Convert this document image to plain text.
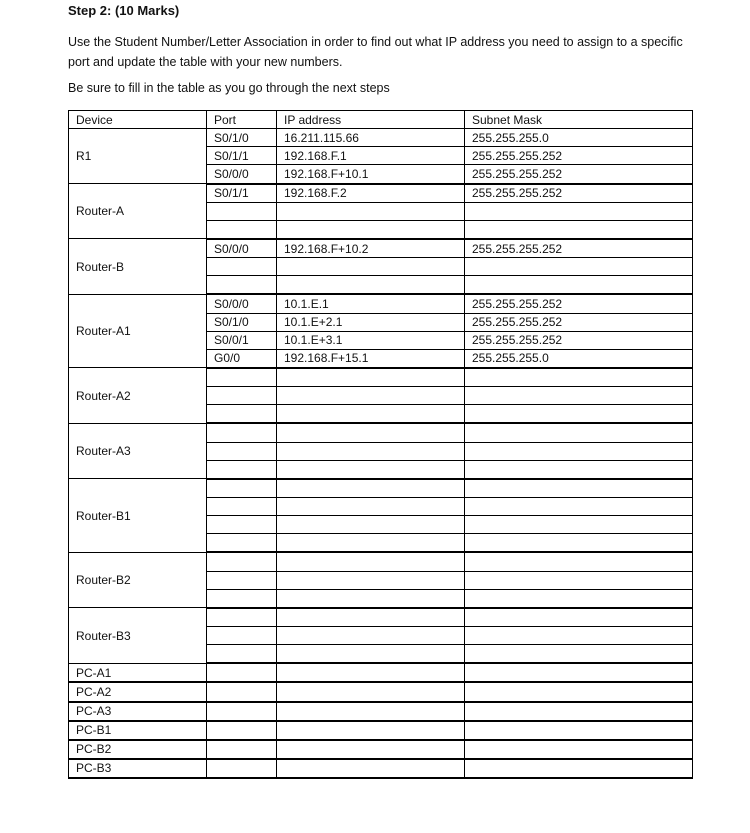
Step 2: (10 Marks)

Use the Student Number/Letter Association in order to find out what IP address you need to assign to a specific port and update the table with your new numbers.

Be sure to fill in the table as you go through the next steps

Device	Port	IP address	Subnet Mask
R1	S0/1/0	16.211.115.66	255.255.255.0
	S0/1/1	192.168.F.1	255.255.255.252
	S0/0/0	192.168.F+10.1	255.255.255.252
Router-A	S0/1/1	192.168.F.2	255.255.255.252

Router-B	S0/0/0	192.168.F+10.2	255.255.255.252

Router-A1	S0/0/0	10.1.E.1	255.255.255.252
	S0/1/0	10.1.E+2.1	255.255.255.252
	S0/0/1	10.1.E+3.1	255.255.255.252
	G0/0	192.168.F+15.1	255.255.255.0
Router-A2			

Router-A3			

Router-B1			

Router-B2			

Router-B3			

PC-A1			
PC-A2			
PC-A3			
PC-B1			
PC-B2			
PC-B3			
